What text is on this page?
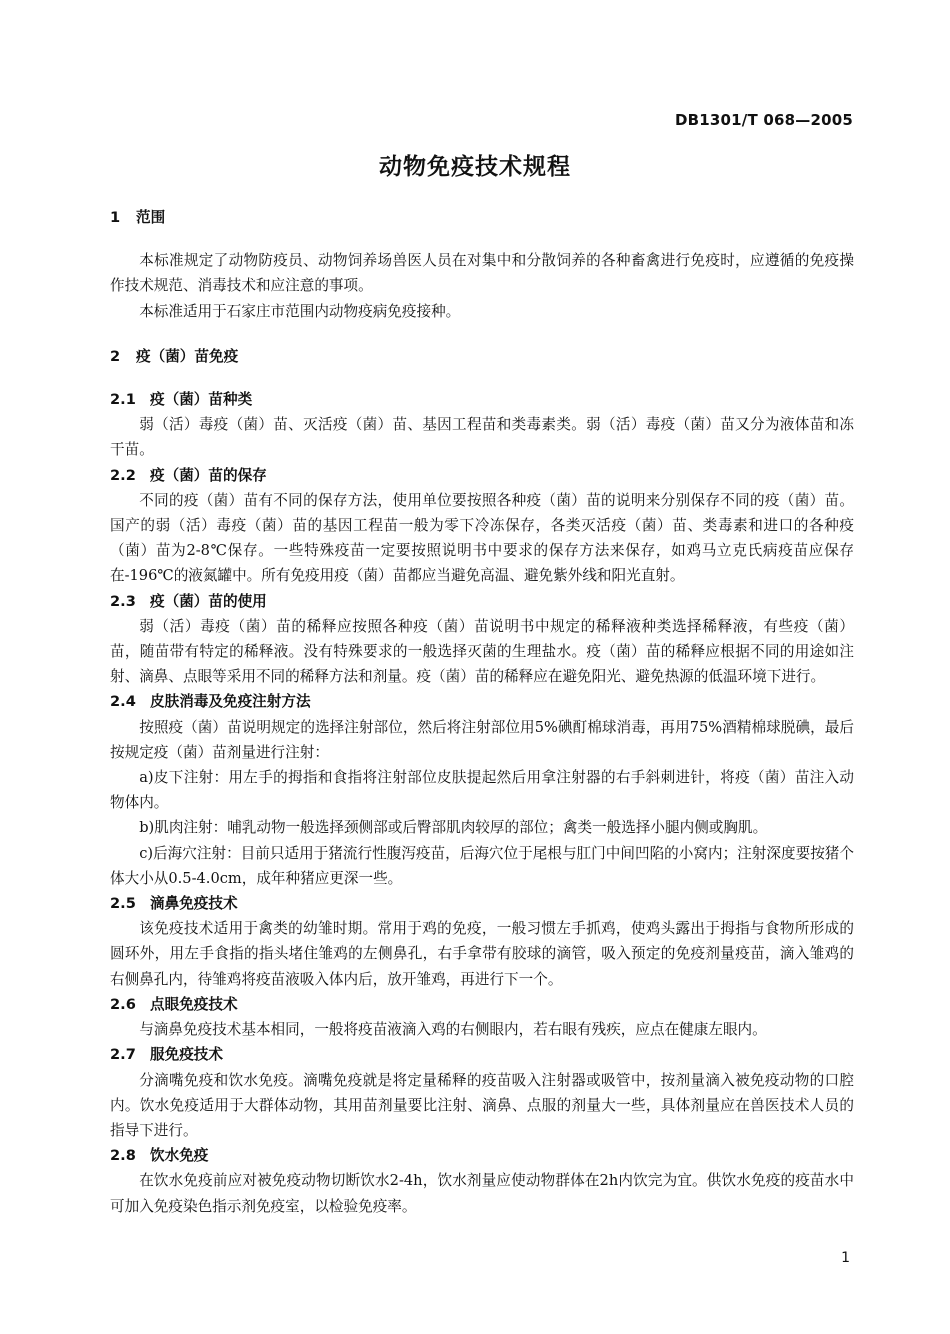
DB1301/T 068—2005
动物免疫技术规程
1 范围

本标准规定了动物防疫员、动物饲养场兽医人员在对集中和分散饲养的各种畜禽进行免疫时，应遵循的免疫操作技术规范、消毒技术和应注意的事项。

本标准适用于石家庄市范围内动物疫病免疫接种。

2 疫（菌）苗免疫
2.1 疫（菌）苗种类

弱（活）毒疫（菌）苗、灭活疫（菌）苗、基因工程苗和类毒素类。弱（活）毒疫（菌）苗又分为液体苗和冻干苗。

2.2 疫（菌）苗的保存

不同的疫（菌）苗有不同的保存方法，使用单位要按照各种疫（菌）苗的说明来分别保存不同的疫（菌）苗。国产的弱（活）毒疫（菌）苗的基因工程苗一般为零下冷冻保存，各类灭活疫（菌）苗、类毒素和进口的各种疫（菌）苗为2-8℃保存。一些特殊疫苗一定要按照说明书中要求的保存方法来保存，如鸡马立克氏病疫苗应保存在-196℃的液氮罐中。所有免疫用疫（菌）苗都应当避免高温、避免紫外线和阳光直射。

2.3 疫（菌）苗的使用

弱（活）毒疫（菌）苗的稀释应按照各种疫（菌）苗说明书中规定的稀释液种类选择稀释液，有些疫（菌）苗，随苗带有特定的稀释液。没有特殊要求的一般选择灭菌的生理盐水。疫（菌）苗的稀释应根据不同的用途如注射、滴鼻、点眼等采用不同的稀释方法和剂量。疫（菌）苗的稀释应在避免阳光、避免热源的低温环境下进行。

2.4 皮肤消毒及免疫注射方法

按照疫（菌）苗说明规定的选择注射部位，然后将注射部位用5%碘酊棉球消毒，再用75%酒精棉球脱碘，最后按规定疫（菌）苗剂量进行注射：

a)皮下注射：用左手的拇指和食指将注射部位皮肤提起然后用拿注射器的右手斜刺进针，将疫（菌）苗注入动物体内。

b)肌肉注射：哺乳动物一般选择颈侧部或后臀部肌肉较厚的部位；禽类一般选择小腿内侧或胸肌。

c)后海穴注射：目前只适用于猪流行性腹泻疫苗，后海穴位于尾根与肛门中间凹陷的小窝内；注射深度要按猪个体大小从0.5-4.0cm，成年种猪应更深一些。

2.5 滴鼻免疫技术

该免疫技术适用于禽类的幼雏时期。常用于鸡的免疫，一般习惯左手抓鸡，使鸡头露出于拇指与食物所形成的圆环外，用左手食指的指头堵住雏鸡的左侧鼻孔，右手拿带有胶球的滴管，吸入预定的免疫剂量疫苗，滴入雏鸡的右侧鼻孔内，待雏鸡将疫苗液吸入体内后，放开雏鸡，再进行下一个。

2.6 点眼免疫技术

与滴鼻免疫技术基本相同，一般将疫苗液滴入鸡的右侧眼内，若右眼有残疾，应点在健康左眼内。

2.7 服免疫技术

分滴嘴免疫和饮水免疫。滴嘴免疫就是将定量稀释的疫苗吸入注射器或吸管中，按剂量滴入被免疫动物的口腔内。饮水免疫适用于大群体动物，其用苗剂量要比注射、滴鼻、点服的剂量大一些，具体剂量应在兽医技术人员的指导下进行。

2.8 饮水免疫

在饮水免疫前应对被免疫动物切断饮水2-4h，饮水剂量应使动物群体在2h内饮完为宜。供饮水免疫的疫苗水中可加入免疫染色指示剂免疫室，以检验免疫率。

1
